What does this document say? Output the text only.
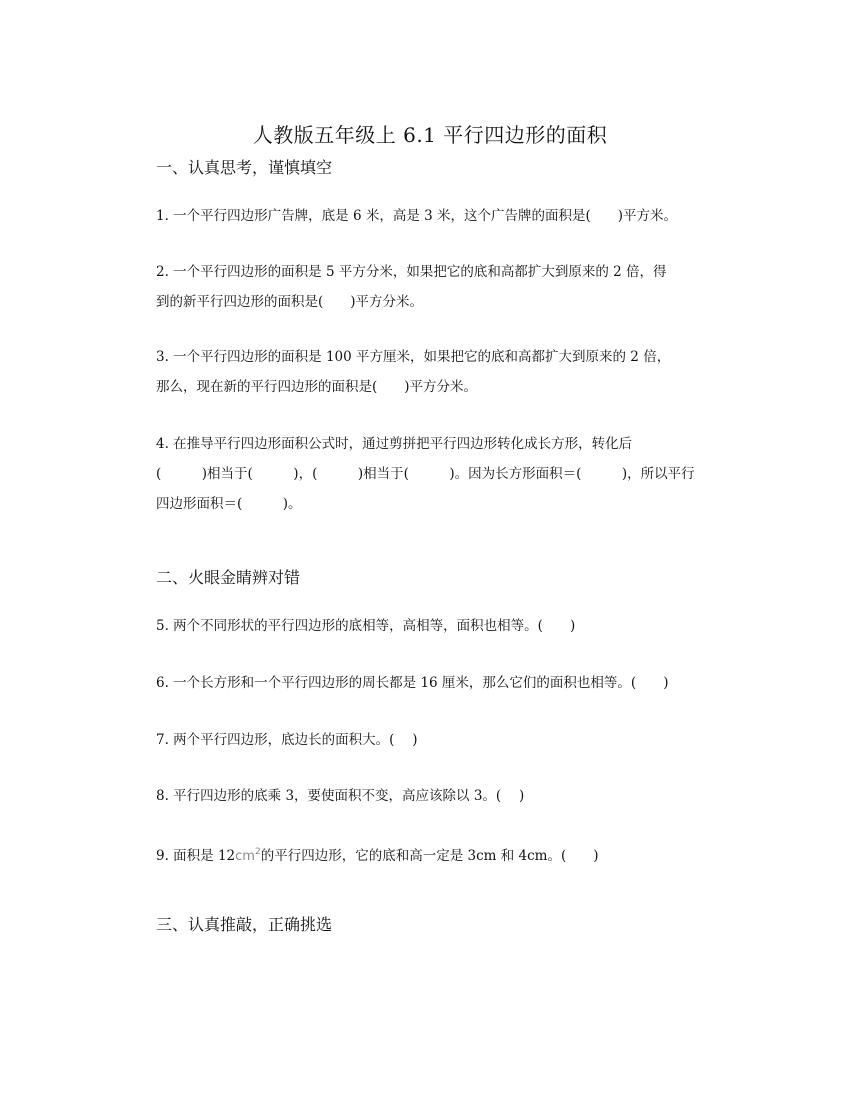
人教版五年级上 6.1 平行四边形的面积
一、认真思考，谨慎填空
1. 一个平行四边形广告牌，底是 6 米，高是 3 米，这个广告牌的面积是(　　)平方米。
2. 一个平行四边形的面积是 5 平方分米，如果把它的底和高都扩大到原来的 2 倍，得
到的新平行四边形的面积是(　　)平方分米。
3. 一个平行四边形的面积是 100 平方厘米，如果把它的底和高都扩大到原来的 2 倍，
那么，现在新的平行四边形的面积是(　　)平方分米。
4. 在推导平行四边形面积公式时，通过剪拼把平行四边形转化成长方形，转化后
(　　　)相当于(　　　)，(　　　)相当于(　　　)。因为长方形面积＝(　　　)，所以平行
四边形面积＝(　　　)。
二、火眼金睛辨对错
5. 两个不同形状的平行四边形的底相等，高相等，面积也相等。(　　)
6. 一个长方形和一个平行四边形的周长都是 16 厘米，那么它们的面积也相等。(　　)
7. 两个平行四边形，底边长的面积大。(　 )
8. 平行四边形的底乘 3，要使面积不变，高应该除以 3。(　 )
9. 面积是 $12cm^2$的平行四边形，它的底和高一定是 3cm 和 4cm。(　　)
三、认真推敲，正确挑选
